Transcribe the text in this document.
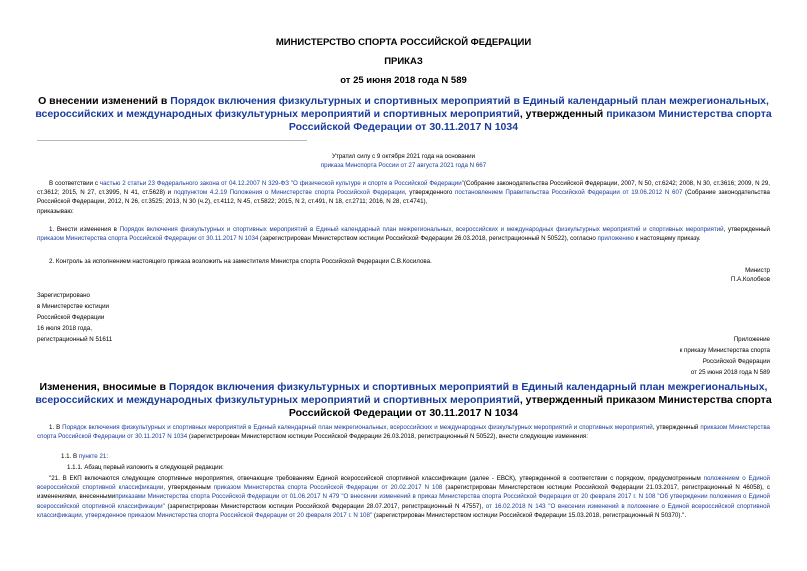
МИНИСТЕРСТВО СПОРТА РОССИЙСКОЙ ФЕДЕРАЦИИ
ПРИКАЗ
от 25 июня 2018 года N 589
О внесении изменений в Порядок включения физкультурных и спортивных мероприятий в Единый календарный план межрегиональных, всероссийских и международных физкультурных мероприятий и спортивных мероприятий, утвержденный приказом Министерства спорта Российской Федерации от 30.11.2017 N 1034
Утратил силу с 9 октября 2021 года на основании
приказа Минспорта России от 27 августа 2021 года N 667
В соответствии с частью 2 статьи 23 Федерального закона от 04.12.2007 N 329-ФЗ "О физической культуре и спорте в Российской Федерации"(Собрание законодательства Российской Федерации, 2007, N 50, ст.6242; 2008, N 30, ст.3616; 2009, N 29, ст.3612; 2015, N 27, ст.3995, N 41, ст.5628) и подпунктом 4.2.19 Положения о Министерстве спорта Российской Федерации, утвержденного постановлением Правительства Российской Федерации от 19.06.2012 N 607 (Собрание законодательства Российской Федерации, 2012, N 26, ст.3525; 2013, N 30 (ч.2), ст.4112, N 45, ст.5822; 2015, N 2, ст.491, N 18, ст.2711; 2016, N 28, ст.4741),
приказываю:
1. Внести изменения в Порядок включения физкультурных и спортивных мероприятий в Единый календарный план межрегиональных, всероссийских и международных физкультурных мероприятий и спортивных мероприятий, утвержденный приказом Министерства спорта Российской Федерации от 30.11.2017 N 1034 (зарегистрирован Министерством юстиции Российской Федерации 26.03.2018, регистрационный N 50522), согласно приложению к настоящему приказу.
2. Контроль за исполнением настоящего приказа возложить на заместителя Министра спорта Российской Федерации С.В.Косилова.
Министр
П.А.Колобков
Зарегистрировано
в Министерстве юстиции
Российской Федерации
16 июля 2018 года,
регистрационный N 51611	Приложение
к приказу Министерства спорта
Российской Федерации
от 25 июня 2018 года N 589
Изменения, вносимые в Порядок включения физкультурных и спортивных мероприятий в Единый календарный план межрегиональных, всероссийских и международных физкультурных мероприятий и спортивных мероприятий, утвержденный приказом Министерства спорта Российской Федерации от 30.11.2017 N 1034
1. В Порядок включения физкультурных и спортивных мероприятий в Единый календарный план межрегиональных, всероссийских и международных физкультурных мероприятий и спортивных мероприятий, утвержденный приказом Министерства спорта Российской Федерации от 30.11.2017 N 1034 (зарегистрирован Министерством юстиции Российской Федерации 26.03.2018, регистрационный N 50522), внести следующие изменения:
1.1. В пункте 21:
1.1.1. Абзац первый изложить в следующей редакции:
"21. В ЕКП включаются следующие спортивные мероприятия, отвечающие требованиям Единой всероссийской спортивной классификации (далее - ЕВСК), утвержденной в соответствии с порядком, предусмотренным положением о Единой всероссийской спортивной классификации, утвержденным приказом Министерства спорта Российской Федерации от 20.02.2017 N 108 (зарегистрирован Министерством юстиции Российской Федерации 21.03.2017, регистрационный N 46058), с изменениями, внесеннымиприказами Министерства спорта Российской Федерации от 01.06.2017 N 479 "О внесении изменений в приказ Министерства спорта Российской Федерации от 20 февраля 2017 г. N 108 "Об утверждении положения о Единой всероссийской спортивной классификации" (зарегистрирован Министерством юстиции Российской Федерации 28.07.2017, регистрационный N 47557), от 16.02.2018 N 143 "О внесении изменений в положение о Единой всероссийской спортивной классификации, утвержденное приказом Министерства спорта Российской Федерации от 20 февраля 2017 г. N 108" (зарегистрирован Министерством юстиции Российской Федерации 15.03.2018, регистрационный N 50370).".
